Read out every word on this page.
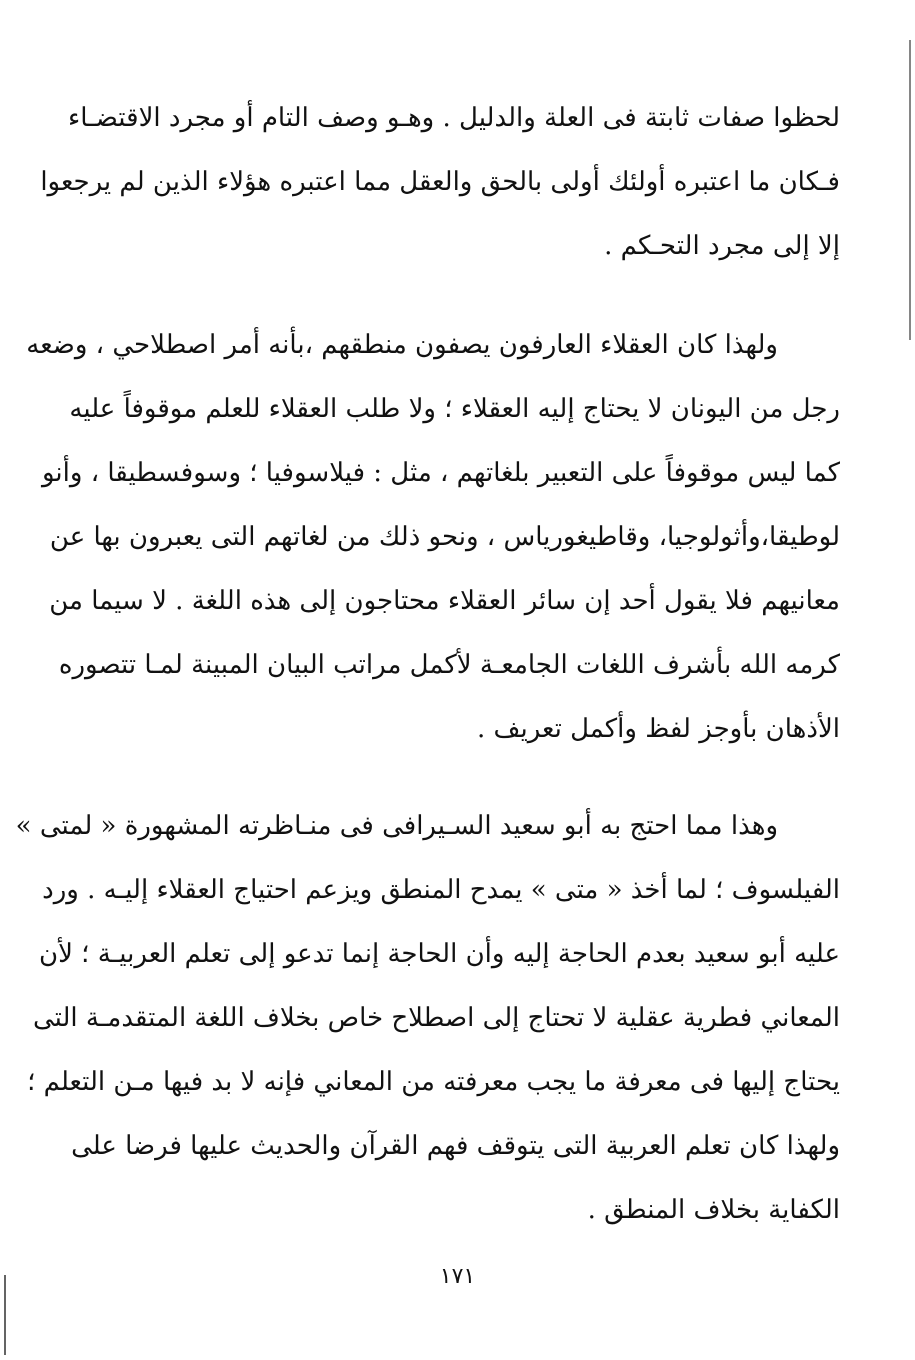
لحظوا صفات ثابتة فى العلة والدليل . وهـو وصف التام أو مجرد الاقتضـاء
فـكان ما اعتبره أولئك أولى بالحق والعقل مما اعتبره هؤلاء الذين لم يرجعوا
إلا إلى مجرد التحـكم .
ولهذا كان العقلاء العارفون يصفون منطقهم ،بأنه أمر اصطلاحي ، وضعه
رجل من اليونان لا يحتاج إليه العقلاء ؛ ولا طلب العقلاء للعلم موقوفاً عليه
كما ليس موقوفاً على التعبير بلغاتهم ، مثل : فيلاسوفيا ؛ وسوفسطيقا ، وأنو
لوطيقا،وأثولوجيا، وقاطيغورياس ، ونحو ذلك من لغاتهم التى يعبرون بها عن
معانيهم فلا يقول أحد إن سائر العقلاء محتاجون إلى هذه اللغة . لا سيما من
كرمه الله بأشرف اللغات الجامعـة لأكمل مراتب البيان المبينة لمـا تتصوره
الأذهان بأوجز لفظ وأكمل تعريف .
وهذا مما احتج به أبو سعيد السـيرافى فى منـاظرته المشهورة « لمتى »
الفيلسوف ؛ لما أخذ « متى » يمدح المنطق ويزعم احتياج العقلاء إليـه . ورد
عليه أبو سعيد بعدم الحاجة إليه وأن الحاجة إنما تدعو إلى تعلم العربيـة ؛ لأن
المعاني فطرية عقلية لا تحتاج إلى اصطلاح خاص بخلاف اللغة المتقدمـة التى
يحتاج إليها فى معرفة ما يجب معرفته من المعاني فإنه لا بد فيها مـن التعلم ؛
ولهذا كان تعلم العربية التى يتوقف فهم القرآن والحديث عليها فرضا على
الكفاية بخلاف المنطق .
١٧١
